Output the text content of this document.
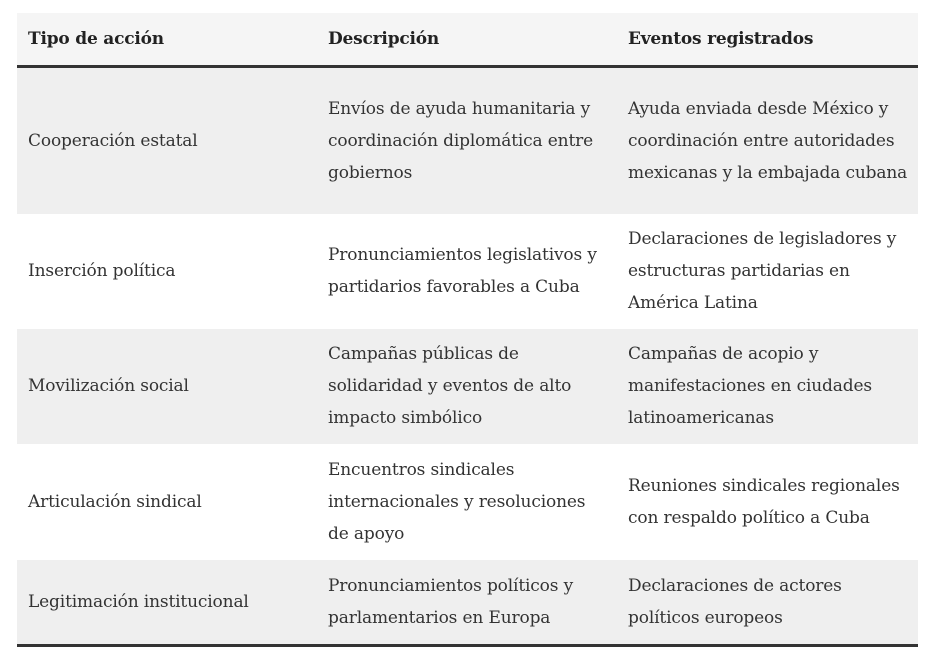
Tipo de acción	Descripción	Eventos registrados
Cooperación estatal	Envíos de ayuda humanitaria y coordinación diplomática entre gobiernos	Ayuda enviada desde México y coordinación entre autoridades mexicanas y la embajada cubana
Inserción política	Pronunciamientos legislativos y partidarios favorables a Cuba	Declaraciones de legisladores y estructuras partidarias en América Latina
Movilización social	Campañas públicas de solidaridad y eventos de alto impacto simbólico	Campañas de acopio y manifestaciones en ciudades latinoamericanas
Articulación sindical	Encuentros sindicales internacionales y resoluciones de apoyo	Reuniones sindicales regionales con respaldo político a Cuba
Legitimación institucional	Pronunciamientos políticos y parlamentarios en Europa	Declaraciones de actores políticos europeos
